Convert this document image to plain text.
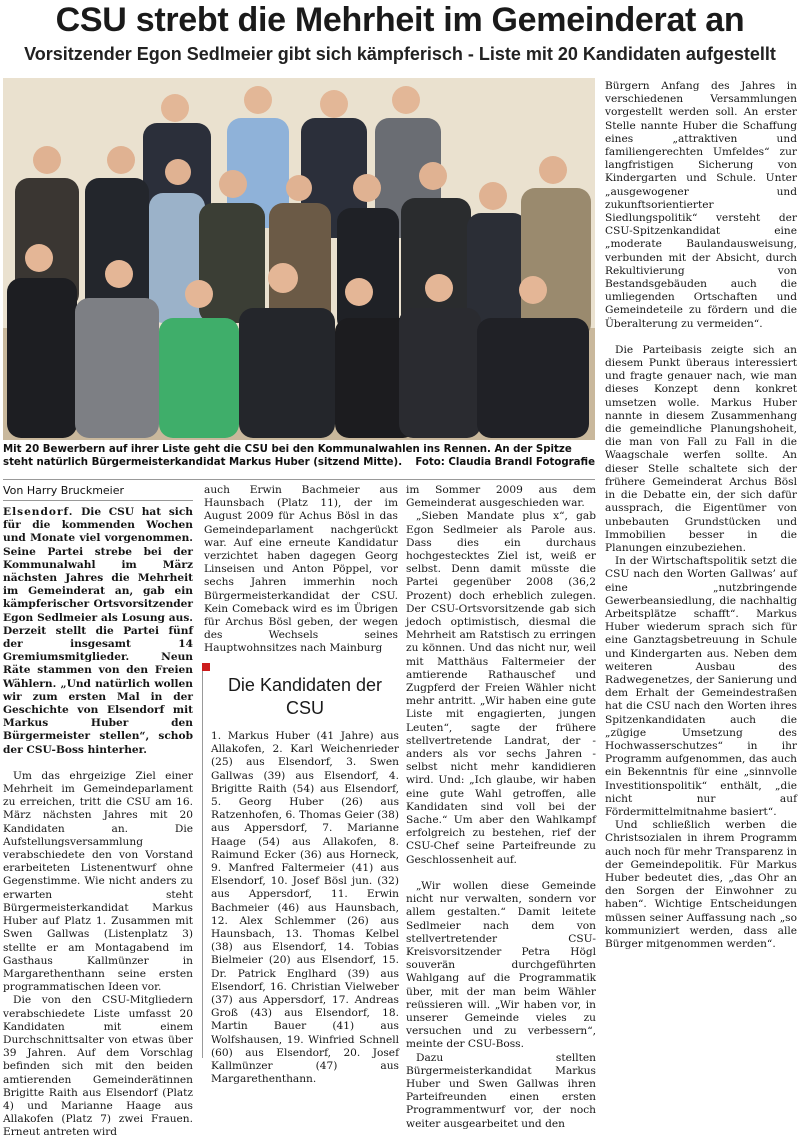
CSU strebt die Mehrheit im Gemeinderat an
Vorsitzender Egon Sedlmeier gibt sich kämpferisch - Liste mit 20 Kandidaten aufgestellt
Mit 20 Bewerbern auf ihrer Liste geht die CSU bei den Kommunalwahlen ins Rennen. An der Spitze steht natürlich Bürgermeisterkandidat Markus Huber (sitzend Mitte). Foto: Claudia Brandl Fotografie
Von Harry Bruckmeier

Elsendorf. Die CSU hat sich für die kommenden Wochen und Monate viel vorgenommen. Seine Partei strebe bei der Kommunalwahl im März nächsten Jahres die Mehrheit im Gemeinderat an, gab ein kämpferischer Ortsvorsitzender Egon Sedlmeier als Losung aus. Derzeit stellt die Partei fünf der insgesamt 14 Gremiumsmitglieder. Neun Räte stammen von den Freien Wählern. „Und natürlich wollen wir zum ersten Mal in der Geschichte von Elsendorf mit Markus Huber den Bürgermeister stellen“, schob der CSU-Boss hinterher.

Um das ehrgeizige Ziel einer Mehrheit im Gemeindeparlament zu erreichen, tritt die CSU am 16. März nächsten Jahres mit 20 Kandidaten an. Die Aufstellungsversammlung verabschiedete den von Vorstand erarbeiteten Listenentwurf ohne Gegenstimme. Wie nicht anders zu erwarten steht Bürgermeisterkandidat Markus Huber auf Platz 1. Zusammen mit Swen Gallwas (Listenplatz 3) stellte er am Montagabend im Gasthaus Kallmünzer in Margarethenthann seine ersten programmatischen Ideen vor.

Die von den CSU-Mitgliedern verabschiedete Liste umfasst 20 Kandidaten mit einem Durchschnittsalter von etwas über 39 Jahren. Auf dem Vorschlag befinden sich mit den beiden amtierenden Gemeinderätinnen Brigitte Raith aus Elsendorf (Platz 4) und Marianne Haage aus Allakofen (Platz 7) zwei Frauen. Erneut antreten wird

auch Erwin Bachmeier aus Haunsbach (Platz 11), der im August 2009 für Achus Bösl in das Gemeindeparlament nachgerückt war. Auf eine erneute Kandidatur verzichtet haben dagegen Georg Linseisen und Anton Pöppel, vor sechs Jahren immerhin noch Bürgermeisterkandidat der CSU. Kein Comeback wird es im Übrigen für Archus Bösl geben, der wegen des Wechsels seines Hauptwohnsitzes nach Mainburg

Die Kandidaten der CSU
1. Markus Huber (41 Jahre) aus Allakofen, 2. Karl Weichenrieder (25) aus Elsendorf, 3. Swen Gallwas (39) aus Elsendorf, 4. Brigitte Raith (54) aus Elsendorf, 5. Georg Huber (26) aus Ratzenhofen, 6. Thomas Geier (38) aus Appersdorf, 7. Marianne Haage (54) aus Allakofen, 8. Raimund Ecker (36) aus Horneck, 9. Manfred Faltermeier (41) aus Elsendorf, 10. Josef Bösl jun. (32) aus Appersdorf, 11. Erwin Bachmeier (46) aus Haunsbach, 12. Alex Schlemmer (26) aus Haunsbach, 13. Thomas Kelbel (38) aus Elsendorf, 14. Tobias Bielmeier (20) aus Elsendorf, 15. Dr. Patrick Englhard (39) aus Elsendorf, 16. Christian Vielweber (37) aus Appersdorf, 17. Andreas Groß (43) aus Elsendorf, 18. Martin Bauer (41) aus Wolfshausen, 19. Winfried Schnell (60) aus Elsendorf, 20. Josef Kallmünzer (47) aus Margarethenthann.

im Sommer 2009 aus dem Gemeinderat ausgeschieden war.

„Sieben Mandate plus x“, gab Egon Sedlmeier als Parole aus. Dass dies ein durchaus hochgestecktes Ziel ist, weiß er selbst. Denn damit müsste die Partei gegenüber 2008 (36,2 Prozent) doch erheblich zulegen. Der CSU-Ortsvorsitzende gab sich jedoch optimistisch, diesmal die Mehrheit am Ratstisch zu erringen zu können. Und das nicht nur, weil mit Matthäus Faltermeier der amtierende Rathauschef und Zugpferd der Freien Wähler nicht mehr antritt. „Wir haben eine gute Liste mit engagierten, jungen Leuten“, sagte der frühere stellvertretende Landrat, der - anders als vor sechs Jahren - selbst nicht mehr kandidieren wird. Und: „Ich glaube, wir haben eine gute Wahl getroffen, alle Kandidaten sind voll bei der Sache.“ Um aber den Wahlkampf erfolgreich zu bestehen, rief der CSU-Chef seine Parteifreunde zu Geschlossenheit auf.

„Wir wollen diese Gemeinde nicht nur verwalten, sondern vor allem gestalten.“ Damit leitete Sedlmeier nach dem von stellvertretender CSU-Kreisvorsitzender Petra Högl souverän durchgeführten Wahlgang auf die Programmatik über, mit der man beim Wähler reüssieren will. „Wir haben vor, in unserer Gemeinde vieles zu versuchen und zu verbessern“, meinte der CSU-Boss.

Dazu stellten Bürgermeisterkandidat Markus Huber und Swen Gallwas ihren Parteifreunden einen ersten Programmentwurf vor, der noch weiter ausgearbeitet und den

Bürgern Anfang des Jahres in verschiedenen Versammlungen vorgestellt werden soll. An erster Stelle nannte Huber die Schaffung eines „attraktiven und familiengerechten Umfeldes“ zur langfristigen Sicherung von Kindergarten und Schule. Unter „ausgewogener und zukunftsorientierter Siedlungspolitik“ versteht der CSU-Spitzenkandidat eine „moderate Baulandausweisung, verbunden mit der Absicht, durch Rekultivierung von Bestandsgebäuden auch die umliegenden Ortschaften und Gemeindeteile zu fördern und die Überalterung zu vermeiden“.

Die Parteibasis zeigte sich an diesem Punkt überaus interessiert und fragte genauer nach, wie man dieses Konzept denn konkret umsetzen wolle. Markus Huber nannte in diesem Zusammenhang die gemeindliche Planungshoheit, die man von Fall zu Fall in die Waagschale werfen sollte. An dieser Stelle schaltete sich der frühere Gemeinderat Archus Bösl in die Debatte ein, der sich dafür aussprach, die Eigentümer von unbebauten Grundstücken und Immobilien besser in die Planungen einzubeziehen.

In der Wirtschaftspolitik setzt die CSU nach den Worten Gallwas’ auf eine „nutzbringende Gewerbeansiedlung, die nachhaltig Arbeitsplätze schafft“. Markus Huber wiederum sprach sich für eine Ganztagsbetreuung in Schule und Kindergarten aus. Neben dem weiteren Ausbau des Radwegenetzes, der Sanierung und dem Erhalt der Gemeindestraßen hat die CSU nach den Worten ihres Spitzenkandidaten auch die „zügige Umsetzung des Hochwasserschutzes“ in ihr Programm aufgenommen, das auch ein Bekenntnis für eine „sinnvolle Investitionspolitik“ enthält, „die nicht nur auf Fördermittelmitnahme basiert“.

Und schließlich werben die Christsozialen in ihrem Programm auch noch für mehr Transparenz in der Gemeindepolitik. Für Markus Huber bedeutet dies, „das Ohr an den Sorgen der Einwohner zu haben“. Wichtige Entscheidungen müssen seiner Auffassung nach „so kommuniziert werden, dass alle Bürger mitgenommen werden“.
